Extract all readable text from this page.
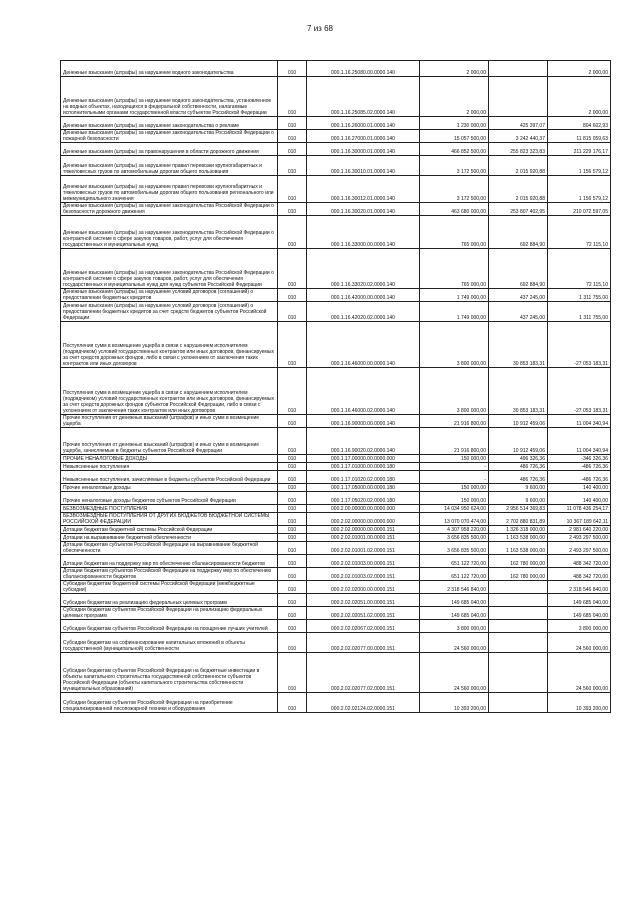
7 из 68
Денежные взыскания (штрафы) за нарушение водного законодательства	010	000.1.16.25080.00.0000.140	2 000,00		2 000,00
Денежные взыскания (штрафы) за нарушение водного законодательства, установленное на водных объектах, находящихся в федеральной собственности, налагаемые исполнительными органами государственной власти субъектов Российской Федерации	010	000.1.16.25085.02.0000.140	2 000,00		2 000,00
Денежные взыскания (штрафы) за нарушение законодательства о рекламе	010	000.1.16.26000.01.0000.140	1 230 000,00	425 397,07	804 602,93
Денежные взыскания (штрафы) за нарушение законодательства Российской Федерации о пожарной безопасности	010	000.1.16.27000.01.0000.140	15 057 500,00	3 242 440,37	11 815 059,63
Денежные взыскания (штрафы) за правонарушения в области дорожного движения	010	000.1.16.30000.01.0000.140	466 852 500,00	255 823 323,83	211 229 176,17
Денежные взыскания (штрафы) за нарушение правил перевозки крупногабаритных и тяжеловесных грузов по автомобильным дорогам общего пользования	010	000.1.16.30010.01.0000.140	3 172 500,00	2 015 920,88	1 156 579,12
Денежные взыскания (штрафы) за нарушение правил перевозки крупногабаритных и тяжеловесных грузов по автомобильным дорогам общего пользования регионального или межмуниципального значения	010	000.1.16.30012.01.0000.140	3 172 500,00	2 015 920,88	1 156 579,12
Денежные взыскания (штрафы) за нарушение законодательства Российской Федерации о безопасности дорожного движения	010	000.1.16.30020.01.0000.140	463 680 000,00	253 807 402,95	210 072 597,05
Денежные взыскания (штрафы) за нарушение законодательства Российской Федерации о контрактной системе в сфере закупок товаров, работ, услуг для обеспечения государственных и муниципальных нужд	010	000.1.16.33000.00.0000.140	765 000,00	692 884,90	72 115,10
Денежные взыскания (штрафы) за нарушение законодательства Российской Федерации о контрактной системе в сфере закупок товаров, работ, услуг для обеспечения государственных и муниципальных нужд для нужд субъектов Российской Федерации	010	000.1.16.33020.02.0000.140	765 000,00	692 884,90	72 115,10
Денежные взыскания (штрафы) за нарушение условий договоров (соглашений) о предоставлении бюджетных кредитов	010	000.1.16.42000.00.0000.140	1 749 000,00	437 245,00	1 311 755,00
Денежные взыскания (штрафы) за нарушение условий договоров (соглашений) о предоставлении бюджетных кредитов за счет средств бюджетов субъектов Российской Федерации	010	000.1.16.42020.02.0000.140	1 749 000,00	437 245,00	1 311 755,00
Поступления сумм в возмещение ущерба в связи с нарушением исполнителем (подрядчиком) условий государственных контрактов или иных договоров, финансируемых за счет средств дорожных фондов, либо в связи с уклонением от заключения таких контрактов или иных договоров	010	000.1.16.46000.00.0000.140	3 800 000,00	30 853 183,31	-27 053 183,31
Поступления сумм в возмещение ущерба в связи с нарушением исполнителем (подрядчиком) условий государственных контрактов или иных договоров, финансируемых за счет средств дорожных фондов субъектов Российской Федерации, либо в связи с уклонением от заключения таких контрактов или иных договоров	010	000.1.16.46000.02.0000.140	3 800 000,00	30 853 183,31	-27 053 183,31
Прочие поступления от денежных взысканий (штрафов) и иных сумм в возмещение ущерба	010	000.1.16.90000.00.0000.140	21 916 800,00	10 912 459,06	11 004 340,94
Прочие поступления от денежных взысканий (штрафов) и иных сумм в возмещение ущерба, зачисляемые в бюджеты субъектов Российской Федерации	010	000.1.16.90020.02.0000.140	21 916 800,00	10 912 459,06	11 004 340,94
ПРОЧИЕ НЕНАЛОГОВЫЕ ДОХОДЫ	010	000.1.17.00000.00.0000.000	150 000,00	496 326,36	-346 326,36
Невыясненные поступления	010	000.1.17.01000.00.0000.180	-	486 726,36	-486 726,36
Невыясненные поступления, зачисляемые в бюджеты субъектов Российской Федерации	010	000.1.17.01020.02.0000.180	-	486 726,36	-486 726,36
Прочие неналоговые доходы	010	000.1.17.05000.00.0000.180	150 000,00	9 600,00	140 400,00
Прочие неналоговые доходы бюджетов субъектов Российской Федерации	010	000.1.17.05020.02.0000.180	150 000,00	9 600,00	140 400,00
БЕЗВОЗМЕЗДНЫЕ ПОСТУПЛЕНИЯ	010	000.2.00.00000.00.0000.000	14 034 950 624,00	2 956 514 369,83	11 078 436 254,17
БЕЗВОЗМЕЗДНЫЕ ПОСТУПЛЕНИЯ ОТ ДРУГИХ БЮДЖЕТОВ БЮДЖЕТНОЙ СИСТЕМЫ РОССИЙСКОЙ ФЕДЕРАЦИИ	010	000.2.02.00000.00.0000.000	13 070 070 474,00	2 702 880 831,89	10 367 189 642,11
Дотации бюджетам бюджетной системы Российской Федерации	010	000.2.02.00000.00.0000.151	4 307 958 220,00	1 326 318 000,00	2 981 640 220,00
Дотации на выравнивание бюджетной обеспеченности	010	000.2.02.01001.00.0000.151	3 656 835 500,00	1 163 538 000,00	2 493 297 500,00
Дотации бюджетам субъектов Российской Федерации на выравнивание бюджетной обеспеченности	010	000.2.02.01001.02.0000.151	3 656 835 500,00	1 163 538 000,00	2 493 297 500,00
Дотации бюджетам на поддержку мер по обеспечению сбалансированности бюджетов	010	000.2.02.01003.00.0000.151	651 122 720,00	162 780 000,00	488 342 720,00
Дотации бюджетам субъектов Российской Федерации на поддержку мер по обеспечению сбалансированности бюджетов	010	000.2.02.01003.02.0000.151	651 122 720,00	162 780 000,00	488 342 720,00
Субсидии бюджетам бюджетной системы Российской Федерации (межбюджетные субсидии)	010	000.2.02.02000.00.0000.151	2 318 546 840,00		2 318 546 840,00
Субсидии бюджетам на реализацию федеральных целевых программ	010	000.2.02.02051.00.0000.151	149 685 040,00		149 685 040,00
Субсидии бюджетам субъектов Российской Федерации на реализацию федеральных целевых программ	010	000.2.02.02051.02.0000.151	149 685 040,00		149 685 040,00
Субсидии бюджетам субъектов Российской Федерации на поощрение лучших учителей	010	000.2.02.02067.02.0000.151	3 800 000,00		3 800 000,00
Субсидии бюджетам на софинансирование капитальных вложений в объекты государственной (муниципальной) собственности	010	000.2.02.02077.00.0000.151	24 560 000,00		24 560 000,00
Субсидии бюджетам субъектов Российской Федерации на бюджетные инвестиции в объекты капитального строительства государственной собственности субъектов Российской Федерации (объекты капитального строительства собственности муниципальных образований)	010	000.2.02.02077.02.0000.151	24 560 000,00		24 560 000,00
Субсидии бюджетам субъектов Российской Федерации на приобретение специализированной лесопожарной техники и оборудования	010	000.2.02.02124.02.0000.151	10 393 200,00		10 393 200,00
